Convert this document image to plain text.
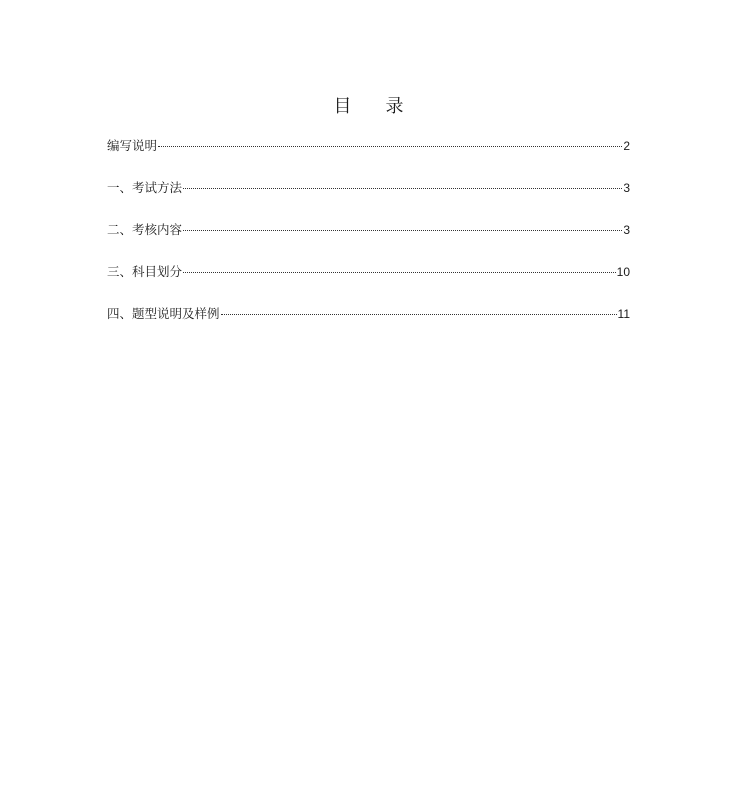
目 录
编写说明	2
一、考试方法	3
二、考核内容	3
三、科目划分	10
四、题型说明及样例	11
